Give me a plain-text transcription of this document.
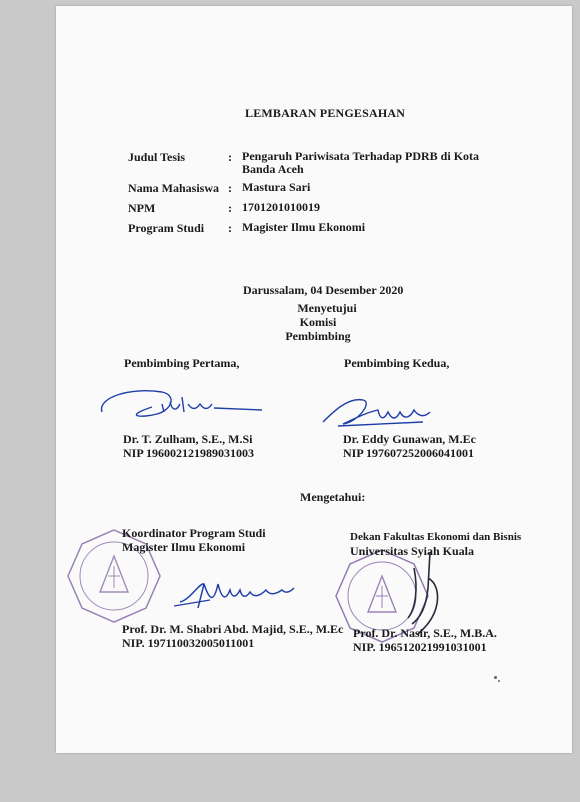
LEMBARAN PENGESAHAN
Judul Tesis	: Pengaruh Pariwisata Terhadap PDRB di Kota Banda Aceh
Nama Mahasiswa : Mastura Sari
NPM	: 1701201010019
Program Studi	: Magister Ilmu Ekonomi
Darussalam, 04 Desember 2020
Menyetujui
Komisi Pembimbing
Pembimbing Pertama,
Dr. T. Zulham, S.E., M.Si
NIP 196002121989031003
Pembimbing Kedua,
Dr. Eddy Gunawan, M.Ec
NIP 197607252006041001
Mengetahui:
Koordinator Program Studi
Magister Ilmu Ekonomi
Prof. Dr. M. Shabri Abd. Majid, S.E., M.Ec
NIP. 197110032005011001
Dekan Fakultas Ekonomi dan Bisnis
Universitas Syiah Kuala
Prof. Dr. Nasir, S.E., M.B.A.
NIP. 196512021991031001
